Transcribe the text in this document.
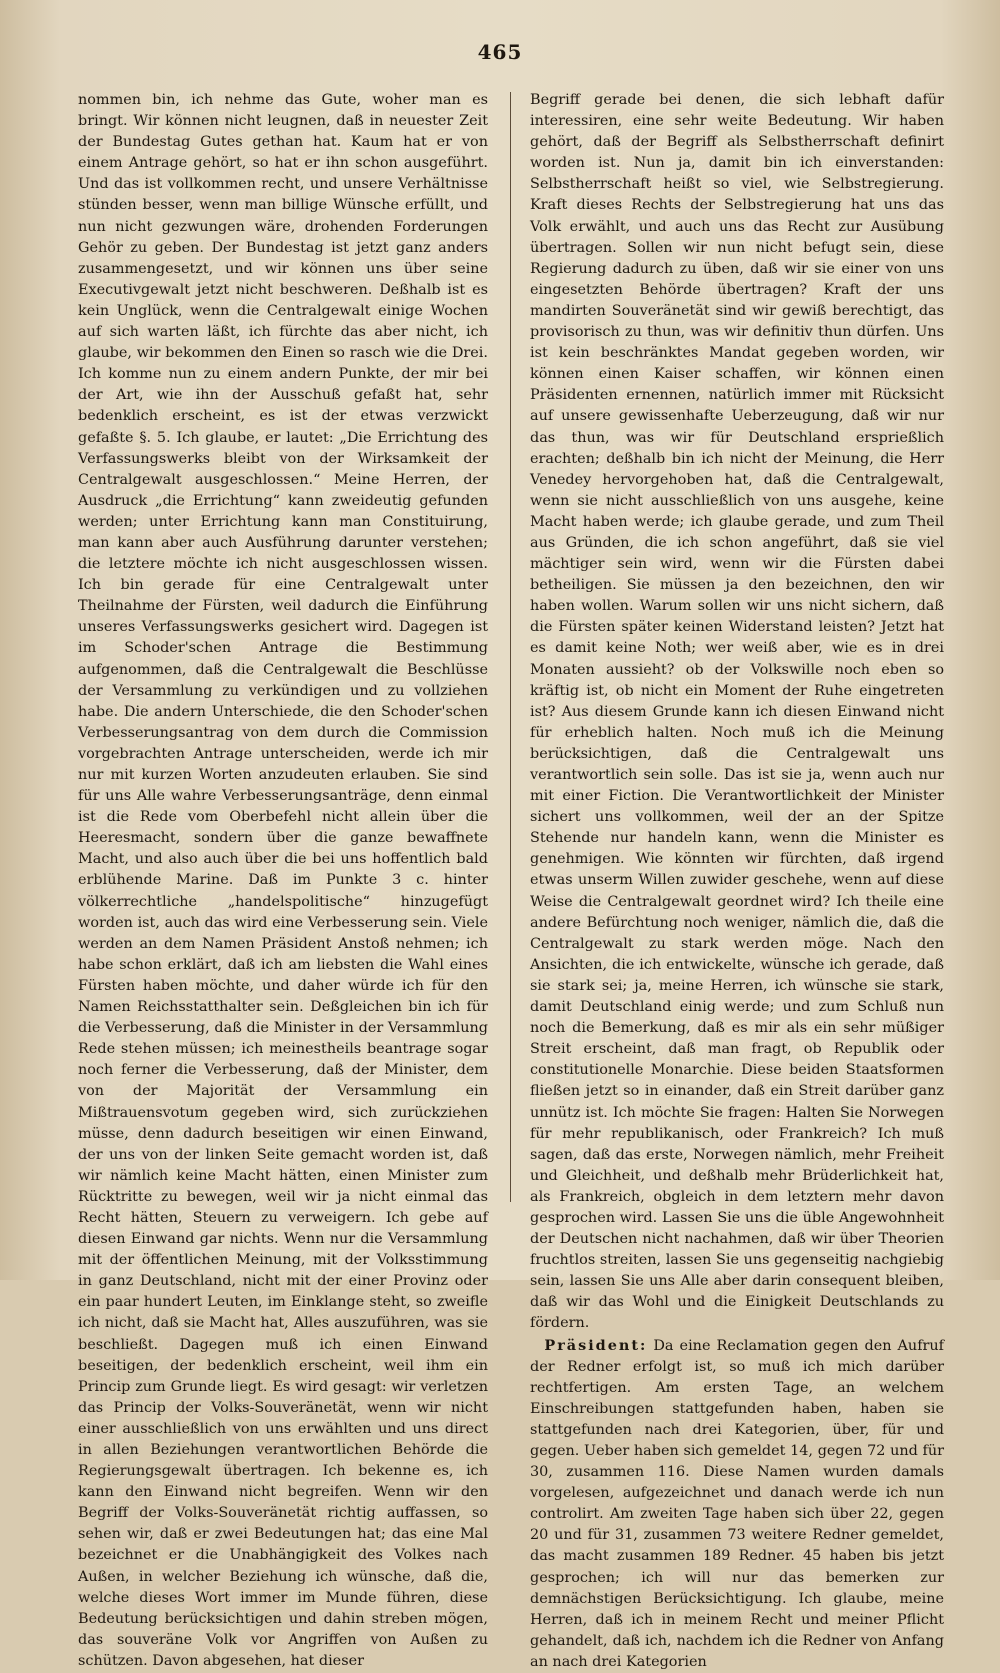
465

nommen bin, ich nehme das Gute, woher man es bringt. Wir können nicht leugnen, daß in neuester Zeit der Bundestag Gutes gethan hat. Kaum hat er von einem Antrage gehört, so hat er ihn schon ausgeführt. Und das ist vollkommen recht, und unsere Verhältnisse stünden besser, wenn man billige Wünsche erfüllt, und nun nicht gezwungen wäre, drohenden Forderungen Gehör zu geben. Der Bundestag ist jetzt ganz anders zusammengesetzt, und wir können uns über seine Executivgewalt jetzt nicht beschweren. Deßhalb ist es kein Unglück, wenn die Centralgewalt einige Wochen auf sich warten läßt, ich fürchte das aber nicht, ich glaube, wir bekommen den Einen so rasch wie die Drei. Ich komme nun zu einem andern Punkte, der mir bei der Art, wie ihn der Ausschuß gefaßt hat, sehr bedenklich erscheint, es ist der etwas verzwickt gefaßte §. 5. Ich glaube, er lautet: „Die Errichtung des Verfassungswerks bleibt von der Wirksamkeit der Centralgewalt ausgeschlossen.“ Meine Herren, der Ausdruck „die Errichtung“ kann zweideutig gefunden werden; unter Errichtung kann man Constituirung, man kann aber auch Ausführung darunter verstehen; die letztere möchte ich nicht ausgeschlossen wissen. Ich bin gerade für eine Centralgewalt unter Theilnahme der Fürsten, weil dadurch die Einführung unseres Verfassungswerks gesichert wird. Dagegen ist im Schoder'schen Antrage die Bestimmung aufgenommen, daß die Centralgewalt die Beschlüsse der Versammlung zu verkündigen und zu vollziehen habe. Die andern Unterschiede, die den Schoder'schen Verbesserungsantrag von dem durch die Commission vorgebrachten Antrage unterscheiden, werde ich mir nur mit kurzen Worten anzudeuten erlauben. Sie sind für uns Alle wahre Verbesserungsanträge, denn einmal ist die Rede vom Oberbefehl nicht allein über die Heeresmacht, sondern über die ganze bewaffnete Macht, und also auch über die bei uns hoffentlich bald erblühende Marine. Daß im Punkte 3 c. hinter völkerrechtliche „handelspolitische“ hinzugefügt worden ist, auch das wird eine Verbesserung sein. Viele werden an dem Namen Präsident Anstoß nehmen; ich habe schon erklärt, daß ich am liebsten die Wahl eines Fürsten haben möchte, und daher würde ich für den Namen Reichsstatthalter sein. Deßgleichen bin ich für die Verbesserung, daß die Minister in der Versammlung Rede stehen müssen; ich meinestheils beantrage sogar noch ferner die Verbesserung, daß der Minister, dem von der Majorität der Versammlung ein Mißtrauensvotum gegeben wird, sich zurückziehen müsse, denn dadurch beseitigen wir einen Einwand, der uns von der linken Seite gemacht worden ist, daß wir nämlich keine Macht hätten, einen Minister zum Rücktritte zu bewegen, weil wir ja nicht einmal das Recht hätten, Steuern zu verweigern. Ich gebe auf diesen Einwand gar nichts. Wenn nur die Versammlung mit der öffentlichen Meinung, mit der Volksstimmung in ganz Deutschland, nicht mit der einer Provinz oder ein paar hundert Leuten, im Einklange steht, so zweifle ich nicht, daß sie Macht hat, Alles auszuführen, was sie beschließt. Dagegen muß ich einen Einwand beseitigen, der bedenklich erscheint, weil ihm ein Princip zum Grunde liegt. Es wird gesagt: wir verletzen das Princip der Volks-Souveränetät, wenn wir nicht einer ausschließlich von uns erwählten und uns direct in allen Beziehungen verantwortlichen Behörde die Regierungsgewalt übertragen. Ich bekenne es, ich kann den Einwand nicht begreifen. Wenn wir den Begriff der Volks-Souveränetät richtig auffassen, so sehen wir, daß er zwei Bedeutungen hat; das eine Mal bezeichnet er die Unabhängigkeit des Volkes nach Außen, in welcher Beziehung ich wünsche, daß die, welche dieses Wort immer im Munde führen, diese Bedeutung berücksichtigen und dahin streben mögen, das souveräne Volk vor Angriffen von Außen zu schützen. Davon abgesehen, hat dieser

Begriff gerade bei denen, die sich lebhaft dafür interessiren, eine sehr weite Bedeutung. Wir haben gehört, daß der Begriff als Selbstherrschaft definirt worden ist. Nun ja, damit bin ich einverstanden: Selbstherrschaft heißt so viel, wie Selbstregierung. Kraft dieses Rechts der Selbstregierung hat uns das Volk erwählt, und auch uns das Recht zur Ausübung übertragen. Sollen wir nun nicht befugt sein, diese Regierung dadurch zu üben, daß wir sie einer von uns eingesetzten Behörde übertragen? Kraft der uns mandirten Souveränetät sind wir gewiß berechtigt, das provisorisch zu thun, was wir definitiv thun dürfen. Uns ist kein beschränktes Mandat gegeben worden, wir können einen Kaiser schaffen, wir können einen Präsidenten ernennen, natürlich immer mit Rücksicht auf unsere gewissenhafte Ueberzeugung, daß wir nur das thun, was wir für Deutschland ersprießlich erachten; deßhalb bin ich nicht der Meinung, die Herr Venedey hervorgehoben hat, daß die Centralgewalt, wenn sie nicht ausschließlich von uns ausgehe, keine Macht haben werde; ich glaube gerade, und zum Theil aus Gründen, die ich schon angeführt, daß sie viel mächtiger sein wird, wenn wir die Fürsten dabei betheiligen. Sie müssen ja den bezeichnen, den wir haben wollen. Warum sollen wir uns nicht sichern, daß die Fürsten später keinen Widerstand leisten? Jetzt hat es damit keine Noth; wer weiß aber, wie es in drei Monaten aussieht? ob der Volkswille noch eben so kräftig ist, ob nicht ein Moment der Ruhe eingetreten ist? Aus diesem Grunde kann ich diesen Einwand nicht für erheblich halten. Noch muß ich die Meinung berücksichtigen, daß die Centralgewalt uns verantwortlich sein solle. Das ist sie ja, wenn auch nur mit einer Fiction. Die Verantwortlichkeit der Minister sichert uns vollkommen, weil der an der Spitze Stehende nur handeln kann, wenn die Minister es genehmigen. Wie könnten wir fürchten, daß irgend etwas unserm Willen zuwider geschehe, wenn auf diese Weise die Centralgewalt geordnet wird? Ich theile eine andere Befürchtung noch weniger, nämlich die, daß die Centralgewalt zu stark werden möge. Nach den Ansichten, die ich entwickelte, wünsche ich gerade, daß sie stark sei; ja, meine Herren, ich wünsche sie stark, damit Deutschland einig werde; und zum Schluß nun noch die Bemerkung, daß es mir als ein sehr müßiger Streit erscheint, daß man fragt, ob Republik oder constitutionelle Monarchie. Diese beiden Staatsformen fließen jetzt so in einander, daß ein Streit darüber ganz unnütz ist. Ich möchte Sie fragen: Halten Sie Norwegen für mehr republikanisch, oder Frankreich? Ich muß sagen, daß das erste, Norwegen nämlich, mehr Freiheit und Gleichheit, und deßhalb mehr Brüderlichkeit hat, als Frankreich, obgleich in dem letztern mehr davon gesprochen wird. Lassen Sie uns die üble Angewohnheit der Deutschen nicht nachahmen, daß wir über Theorien fruchtlos streiten, lassen Sie uns gegenseitig nachgiebig sein, lassen Sie uns Alle aber darin consequent bleiben, daß wir das Wohl und die Einigkeit Deutschlands zu fördern.

 Präsident: Da eine Reclamation gegen den Aufruf der Redner erfolgt ist, so muß ich mich darüber rechtfertigen. Am ersten Tage, an welchem Einschreibungen stattgefunden haben, haben sie stattgefunden nach drei Kategorien, über, für und gegen. Ueber haben sich gemeldet 14, gegen 72 und für 30, zusammen 116. Diese Namen wurden damals vorgelesen, aufgezeichnet und danach werde ich nun controlirt. Am zweiten Tage haben sich über 22, gegen 20 und für 31, zusammen 73 weitere Redner gemeldet, das macht zusammen 189 Redner. 45 haben bis jetzt gesprochen; ich will nur das bemerken zur demnächstigen Berücksichtigung. Ich glaube, meine Herren, daß ich in meinem Recht und meiner Pflicht gehandelt, daß ich, nachdem ich die Redner von Anfang an nach drei Kategorien
